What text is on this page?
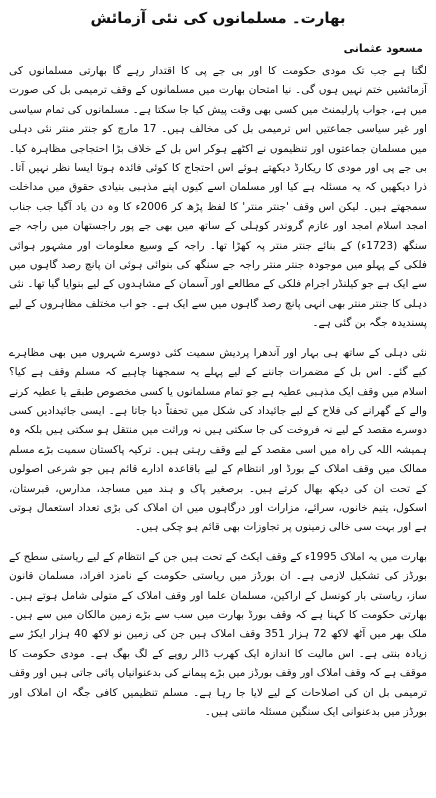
بھارت۔ مسلمانوں کی نئی آزمائش
مسعود عثمانی

لگتا ہے جب تک مودی حکومت کا اور بی جے پی کا اقتدار رہے گا بھارتی مسلمانوں کی آزمائشیں ختم نہیں ہوں گی۔ نیا امتحان بھارت میں مسلمانوں کے وقف ترمیمی بل کی صورت میں ہے، جواب پارلیمنٹ میں کسی بھی وقت پیش کیا جا سکتا ہے۔ مسلمانوں کی تمام سیاسی اور غیر سیاسی جماعتیں اس ترمیمی بل کی مخالف ہیں۔ 17 مارچ کو جنتر منتر نئی دہلی میں مسلمان جماعتوں اور تنظیموں نے اکٹھے ہوکر اس بل کے خلاف بڑا احتجاجی مظاہرہ کیا۔ بی جے پی اور مودی کا ریکارڈ دیکھتے ہوئے اس احتجاج کا کوئی فائدہ ہوتا ایسا نظر نہیں آتا۔ ذرا دیکھیں کہ یہ مسئلہ ہے کیا اور مسلمان اسے کیوں اپنے مذہبی بنیادی حقوق میں مداخلت سمجھتے ہیں۔ لیکن اس وقف 'جنتر منتر' کا لفظ پڑھ کر 2006ء کا وہ دن یاد آگیا جب جناب امجد اسلام امجد اور عازم گروندر کوہلی کے ساتھ میں بھی جے پور راجستھان میں راجہ جے سنگھ (1723ء) کے بنائے جنتر منتر پہ کھڑا تھا۔ راجہ کے وسیع معلومات اور مشہور ہوائی فلکی کے پہلو میں موجودہ جنتر منتر راجہ جے سنگھ کی بنوائی ہوئی ان پانچ رصد گاہوں میں سے ایک ہے جو کیلنڈر اجرام فلکی کے مطالعے اور آسمان کے مشاہدوں کے لیے بنوایا گیا تھا۔ نئی دہلی کا جنتر منتر بھی انہی پانچ رصد گاہوں میں سے ایک ہے۔ جو اب مختلف مظاہروں کے لیے پسندیدہ جگہ بن گئی ہے۔

نئی دہلی کے ساتھ ہی بہار اور آندھرا پردیش سمیت کئی دوسرے شہروں میں بھی مظاہرے کیے گئے۔ اس بل کے مضمرات جاننے کے لیے پہلے یہ سمجھنا چاہیے کہ مسلم وقف ہے کیا؟ اسلام میں وقف ایک مذہبی عطیہ ہے جو تمام مسلمانوں یا کسی مخصوص طبقے یا عطیہ کرنے والے کے گھرانے کی فلاح کے لیے جائیداد کی شکل میں تحفتاً دیا جاتا ہے۔ ایسی جائیدادیں کسی دوسرے مقصد کے لیے نہ فروخت کی جا سکتی ہیں نہ وراثت میں منتقل ہو سکتی ہیں بلکہ وہ ہمیشہ اللہ کی راہ میں اسی مقصد کے لیے وقف رہتی ہیں۔ ترکیہ پاکستان سمیت بڑے مسلم ممالک میں وقف املاک کے بورڈ اور انتظام کے لیے باقاعدہ ادارے قائم ہیں جو شرعی اصولوں کے تحت ان کی دیکھ بھال کرتے ہیں۔ برصغیر پاک و ہند میں مساجد، مدارس، قبرستان، اسکول، یتیم خانوں، سرائے، مزارات اور درگاہوں میں ان املاک کی بڑی تعداد استعمال ہوتی ہے اور بہت سی خالی زمینوں پر تجاوزات بھی قائم ہو چکی ہیں۔

بھارت میں یہ املاک 1995ء کے وقف ایکٹ کے تحت ہیں جن کے انتظام کے لیے ریاستی سطح کے بورڈز کی تشکیل لازمی ہے۔ ان بورڈز میں ریاستی حکومت کے نامزد افراد، مسلمان قانون ساز، ریاستی بار کونسل کے اراکین، مسلمان علما اور وقف املاک کے متولی شامل ہوتے ہیں۔ بھارتی حکومت کا کہنا ہے کہ وقف بورڈ بھارت میں سب سے بڑے زمین مالکان میں سے ہیں۔ ملک بھر میں آٹھ لاکھ 72 ہزار 351 وقف املاک ہیں جن کی زمین نو لاکھ 40 ہزار ایکڑ سے زیادہ بنتی ہے۔ اس مالیت کا اندازہ ایک کھرب ڈالر روپے کے لگ بھگ ہے۔ مودی حکومت کا موقف ہے کہ وقف املاک اور وقف بورڈز میں بڑے پیمانے کی بدعنوانیاں پائی جاتی ہیں اور وقف ترمیمی بل ان کی اصلاحات کے لیے لایا جا رہا ہے۔ مسلم تنظیمیں کافی جگہ ان املاک اور بورڈز میں بدعنوانی ایک سنگین مسئلہ مانتی ہیں۔
